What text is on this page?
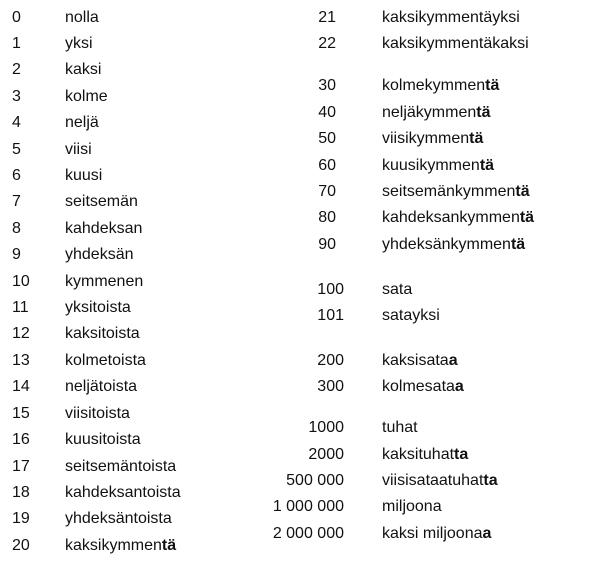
0	nolla
1	yksi
2	kaksi
3	kolme
4	neljä
5	viisi
6	kuusi
7	seitsemän
8	kahdeksan
9	yhdeksän
10 kymmenen
11 yksitoista
12 kaksitoista
13 kolmetoista
14 neljätoista
15 viisitoista
16 kuusitoista
17 seitsemäntoista
18 kahdeksantoista
19 yhdeksäntoista
20 kaksikymmentä
21	kaksikymmentäyksi
22	kaksikymmentäkaksi
30	kolmekymmentä
40	neljäkymmentä
50	viisikymmentä
60	kuusikymmentä
70	seitsemänkymmentä
80	kahdeksankymmentä
90	yhdeksänkymmentä
100 sata
101 satayksi
200 kaksisataa
300 kolmesataa
1000 tuhat
2000 kaksituhatta
500 000 viisisataatuhatta
1 000 000 miljoona
2 000 000 kaksi miljoonaa
